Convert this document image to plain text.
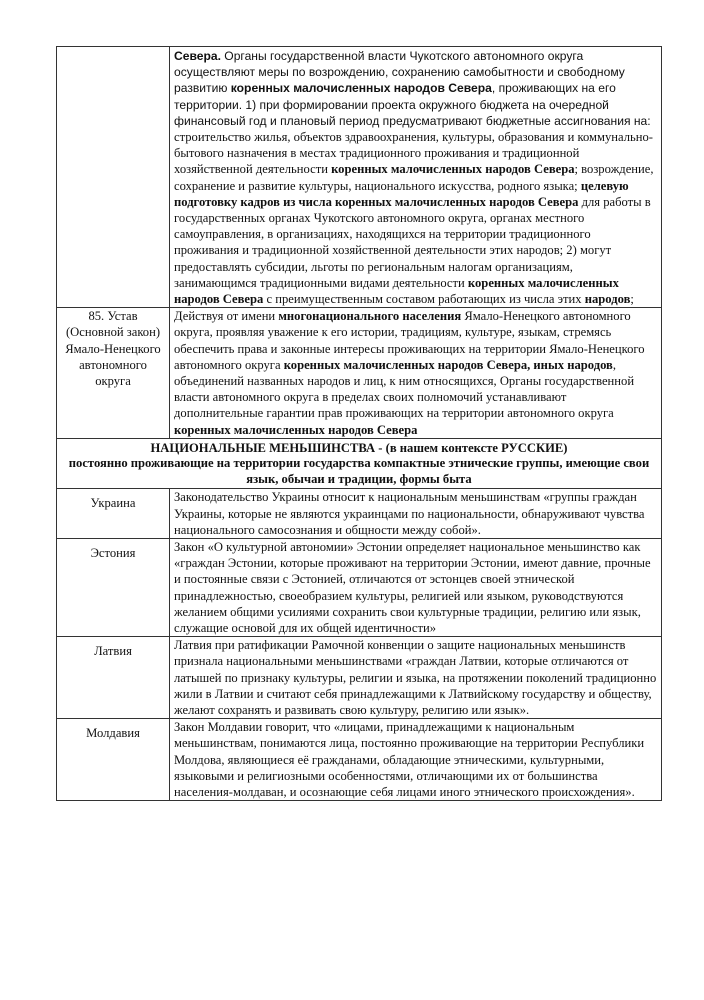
	Севера. Органы государственной власти Чукотского автономного округа осуществляют меры по возрождению, сохранению самобытности и свободному развитию коренных малочисленных народов Севера, проживающих на его территории. 1) при формировании проекта окружного бюджета на очередной финансовый год и плановый период предусматривают бюджетные ассигнования на: строительство жилья, объектов здравоохранения, культуры, образования и коммунально-бытового назначения в местах традиционного проживания и традиционной хозяйственной деятельности коренных малочисленных народов Севера; возрождение, сохранение и развитие культуры, национального искусства, родного языка; целевую подготовку кадров из числа коренных малочисленных народов Севера для работы в государственных органах Чукотского автономного округа, органах местного самоуправления, в организациях, находящихся на территории традиционного проживания и традиционной хозяйственной деятельности этих народов; 2) могут предоставлять субсидии, льготы по региональным налогам организациям, занимающимся традиционными видами деятельности коренных малочисленных народов Севера с преимущественным составом работающих из числа этих народов;
85. Устав (Основной закон) Ямало-Ненецкого автономного округа	Действуя от имени многонационального населения Ямало-Ненецкого автономного округа, проявляя уважение к его истории, традициям, культуре, языкам, стремясь обеспечить права и законные интересы проживающих на территории Ямало-Ненецкого автономного округа коренных малочисленных народов Севера, иных народов, объединений названных народов и лиц, к ним относящихся, Органы государственной власти автономного округа в пределах своих полномочий устанавливают дополнительные гарантии прав проживающих на территории автономного округа коренных малочисленных народов Севера

НАЦИОНАЛЬНЫЕ МЕНЬШИНСТВА - (в нашем контексте РУССКИЕ)
постоянно проживающие на территории государства компактные этнические группы, имеющие свои язык, обычаи и традиции, формы быта	

Украина	Законодательство Украины относит к национальным меньшинствам «группы граждан Украины, которые не являются украинцами по национальности, обнаруживают чувства национального самосознания и общности между собой».

Эстония	Закон «О культурной автономии» Эстонии определяет национальное меньшинство как «граждан Эстонии, которые проживают на территории Эстонии, имеют давние, прочные и постоянные связи с Эстонией, отличаются от эстонцев своей этнической принадлежностью, своеобразием культуры, религией или языком, руководствуются желанием общими усилиями сохранить свои культурные традиции, религию или язык, служащие основой для их общей идентичности»

Латвия	Латвия при ратификации Рамочной конвенции о защите национальных меньшинств признала национальными меньшинствами «граждан Латвии, которые отличаются от латышей по признаку культуры, религии и языка, на протяжении поколений традиционно жили в Латвии и считают себя принадлежащими к Латвийскому государству и обществу, желают сохранять и развивать свою культуру, религию или язык».

Молдавия	Закон Молдавии говорит, что «лицами, принадлежащими к национальным меньшинствам, понимаются лица, постоянно проживающие на территории Республики Молдова, являющиеся её гражданами, обладающие этническими, культурными, языковыми и религиозными особенностями, отличающими их от большинства населения-молдаван, и осознающие себя лицами иного этнического происхождения».
